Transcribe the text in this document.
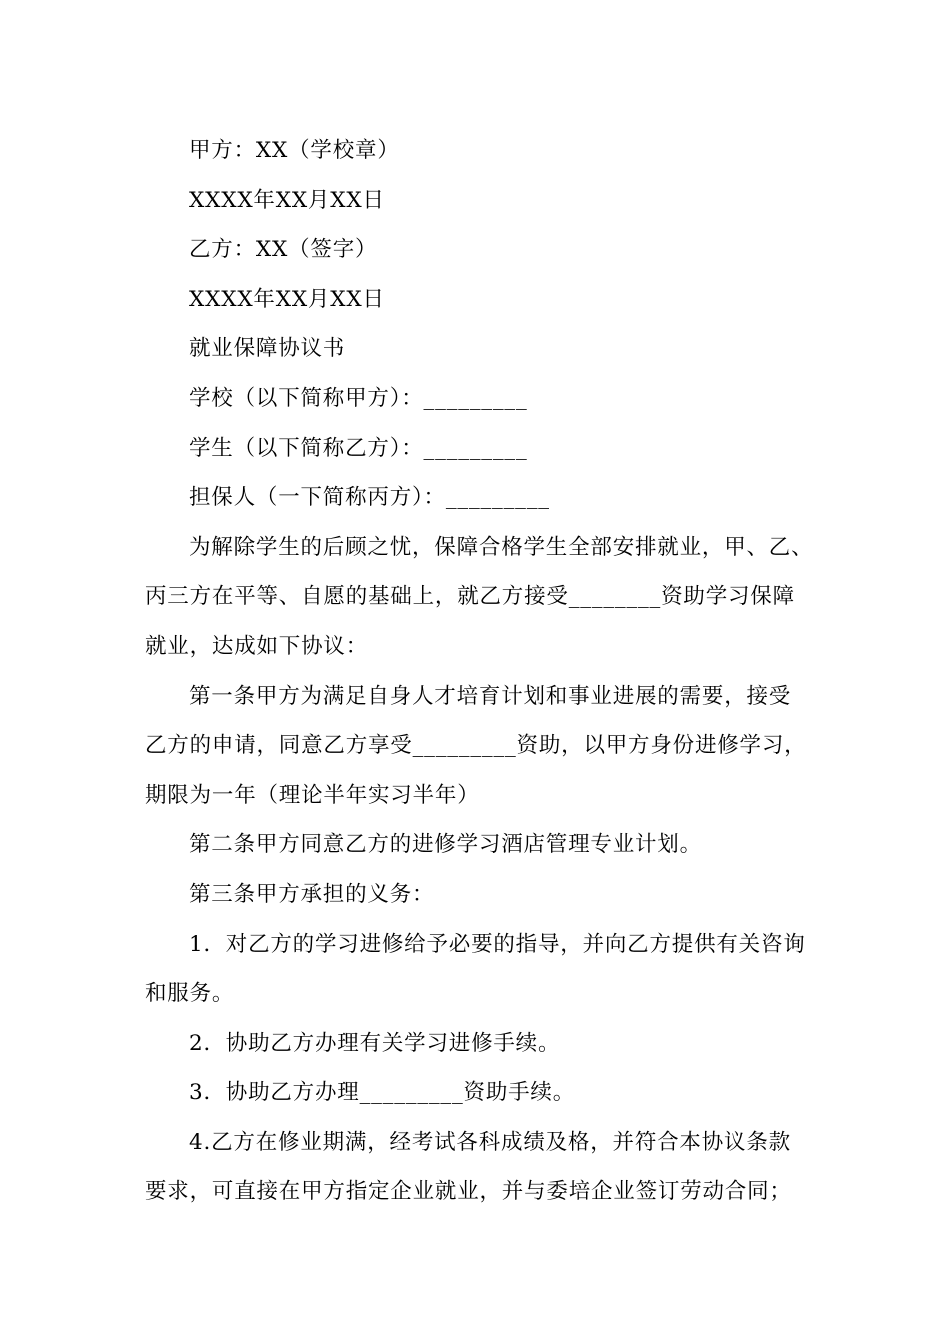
甲方：XX（学校章）
XXXX年XX月XX日
乙方：XX（签字）
XXXX年XX月XX日
就业保障协议书
学校（以下简称甲方）：_________
学生（以下简称乙方）：_________
担保人（一下简称丙方）：_________
为解除学生的后顾之忧，保障合格学生全部安排就业，甲、乙、
丙三方在平等、自愿的基础上，就乙方接受________资助学习保障
就业，达成如下协议：
第一条甲方为满足自身人才培育计划和事业进展的需要，接受
乙方的申请，同意乙方享受_________资助，以甲方身份进修学习，
期限为一年（理论半年实习半年）
第二条甲方同意乙方的进修学习酒店管理专业计划。
第三条甲方承担的义务：
1．对乙方的学习进修给予必要的指导，并向乙方提供有关咨询
和服务。
2．协助乙方办理有关学习进修手续。
3．协助乙方办理_________资助手续。
4.乙方在修业期满，经考试各科成绩及格，并符合本协议条款
要求，可直接在甲方指定企业就业，并与委培企业签订劳动合同；
